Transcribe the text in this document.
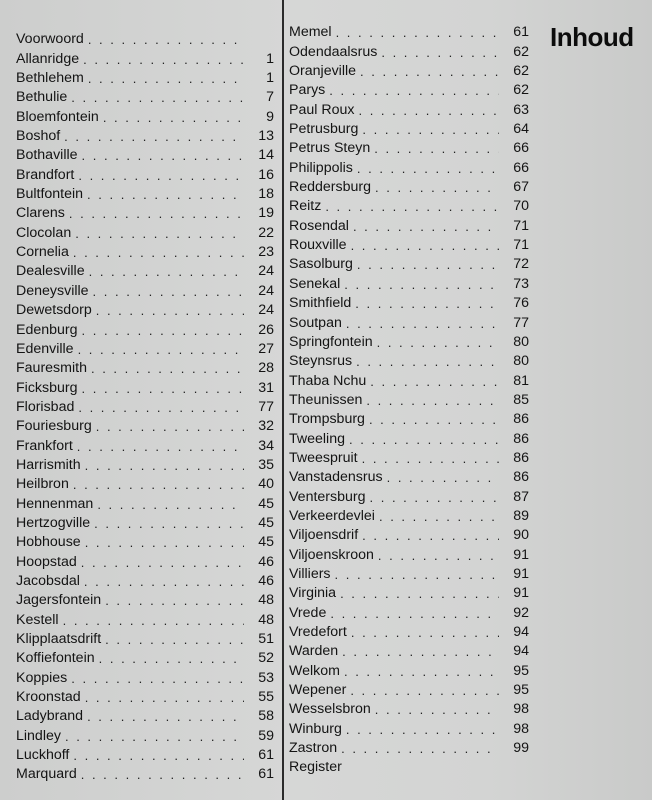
Inhoud
Voorwoord
. . .
Allanridge . . .	1
Bethlehem . . .	1
Bethulie . . .	7
Bloemfontein . . .	9
Boshof . . .	13
Bothaville . . .	14
Brandfort . . .	16
Bultfontein . . .	18
Clarens . . .	19
Clocolan . . .	22
Cornelia . . .	23
Dealesville . . .	24
Deneysville . . .	24
Dewetsdorp . . .	24
Edenburg . . .	26
Edenville . . .	27
Fauresmith . . .	28
Ficksburg . . .	31
Florisbad . . .	77
Fouriesburg . . .	32
Frankfort . . .	34
Harrismith . . .	35
Heilbron . . .	40
Hennenman . . .	45
Hertzogville . . .	45
Hobhouse . . .	45
Hoopstad . . .	46
Jacobsdal . . .	46
Jagersfontein . . .	48
Kestell . . .	48
Klipplaatsdrift . . .	51
Koffiefontein . . .	52
Koppies . . .	53
Kroonstad . . .	55
Ladybrand . . .	58
Lindley . . .	59
Luckhoff . . .	61
Marquard . . .	61
Memel . . .	61
Odendaalsrus . . .	62
Oranjeville . . .	62
Parys . . .	62
Paul Roux . . .	63
Petrusburg . . .	64
Petrus Steyn . . .	66
Philippolis . . .	66
Reddersburg . . .	67
Reitz . . .	70
Rosendal . . .	71
Rouxville . . .	71
Sasolburg . . .	72
Senekal . . .	73
Smithfield . . .	76
Soutpan . . .	77
Springfontein . . .	80
Steynsrus . . .	80
Thaba Nchu . . .	81
Theunissen . . .	85
Trompsburg . . .	86
Tweeling . . .	86
Tweespruit . . .	86
Vanstadensrus . . .	86
Ventersburg . . .	87
Verkeerdevlei . . .	89
Viljoensdrif . . .	90
Viljoenskroon . . .	91
Villiers . . .	91
Virginia . . .	91
Vrede . . .	92
Vredefort . . .	94
Warden . . .	94
Welkom . . .	95
Wepener . . .	95
Wesselsbron . . .	98
Winburg . . .	98
Zastron . . .	99
Register
